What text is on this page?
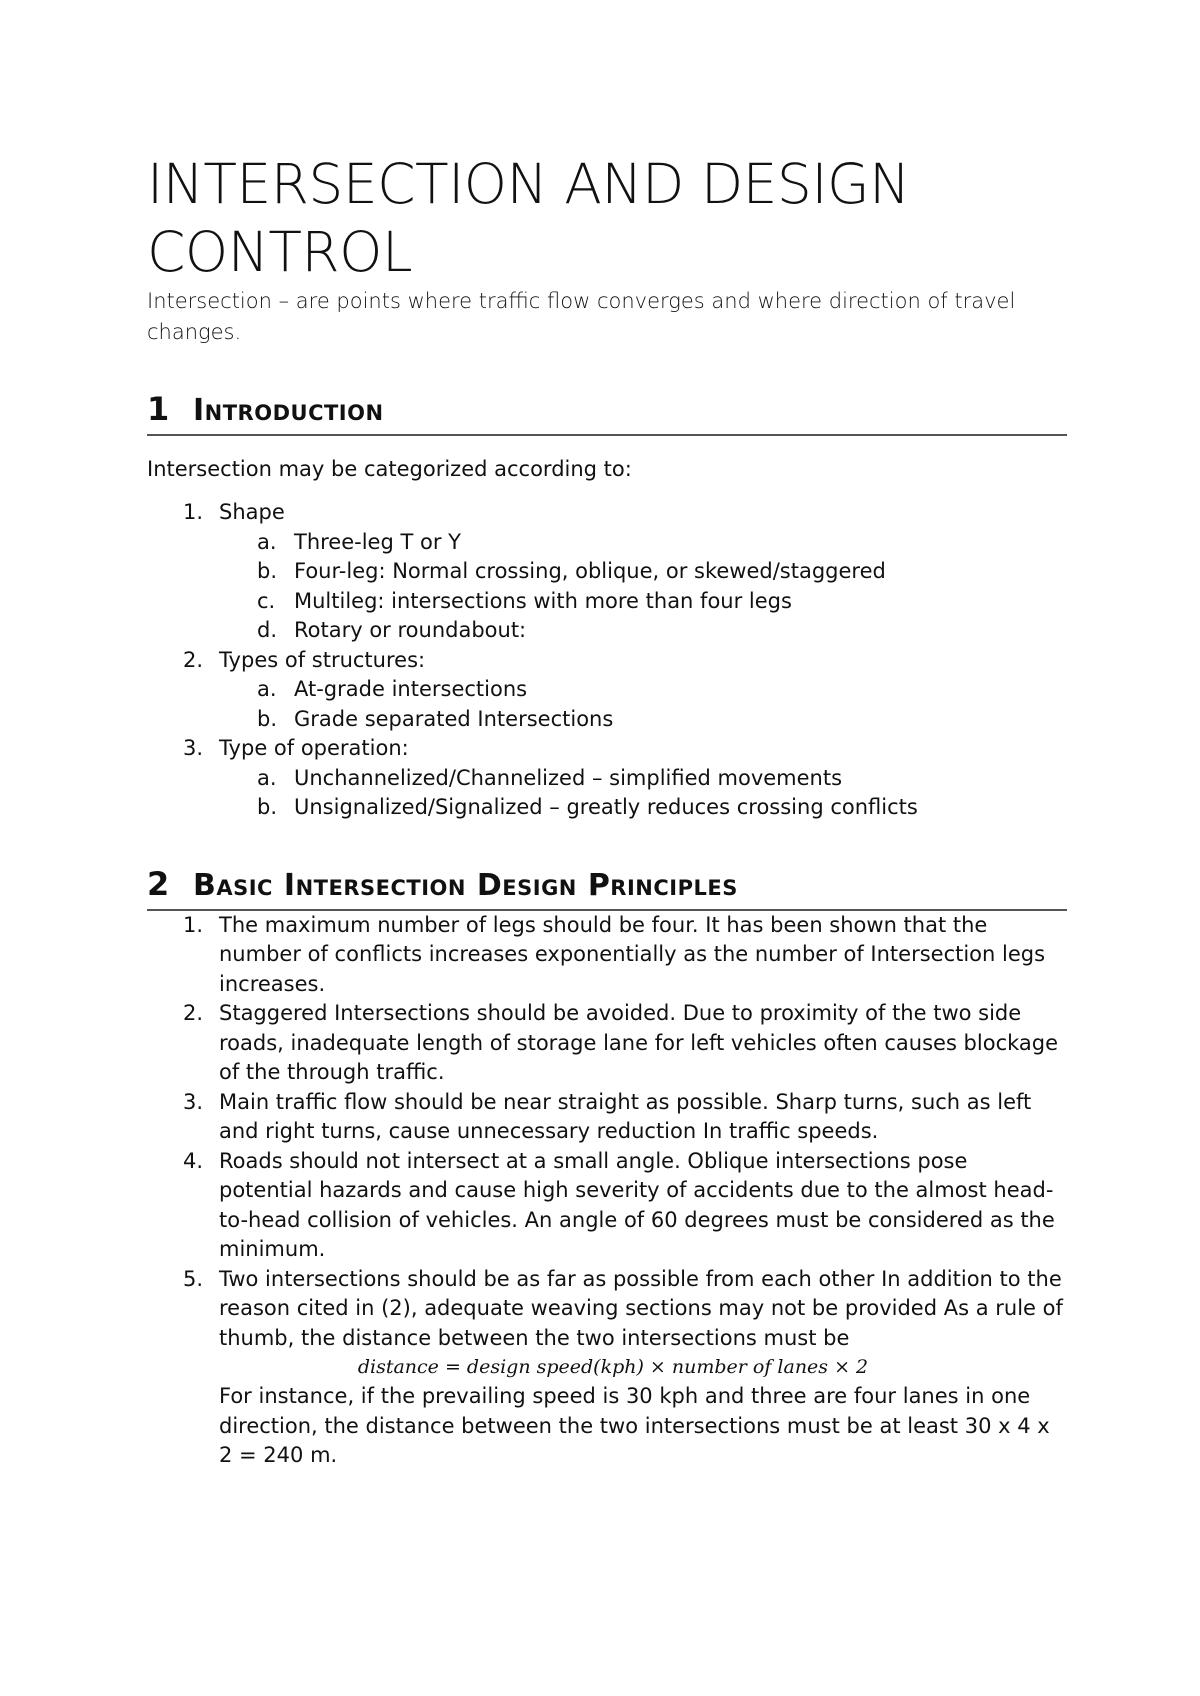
INTERSECTION AND DESIGN CONTROL

Intersection – are points where traffic flow converges and where direction of travel changes.

1 Introduction

Intersection may be categorized according to:

1. Shape
a. Three-leg T or Y
b. Four-leg: Normal crossing, oblique, or skewed/staggered
c. Multileg: intersections with more than four legs
d. Rotary or roundabout:
2. Types of structures:
a. At-grade intersections
b. Grade separated Intersections
3. Type of operation:
a. Unchannelized/Channelized – simplified movements
b. Unsignalized/Signalized – greatly reduces crossing conflicts
2 Basic Intersection Design Principles
1. The maximum number of legs should be four. It has been shown that the number of conflicts increases exponentially as the number of Intersection legs increases.
2. Staggered Intersections should be avoided. Due to proximity of the two side roads, inadequate length of storage lane for left vehicles often causes blockage of the through traffic.
3. Main traffic flow should be near straight as possible. Sharp turns, such as left and right turns, cause unnecessary reduction In traffic speeds.
4. Roads should not intersect at a small angle. Oblique intersections pose potential hazards and cause high severity of accidents due to the almost head-to-head collision of vehicles. An angle of 60 degrees must be considered as the minimum.
5. Two intersections should be as far as possible from each other In addition to the reason cited in (2), adequate weaving sections may not be provided As a rule of thumb, the distance between the two intersections must be
distance = design speed(kph) × number of lanes × 2
For instance, if the prevailing speed is 30 kph and three are four lanes in one direction, the distance between the two intersections must be at least 30 x 4 x 2 = 240 m.
